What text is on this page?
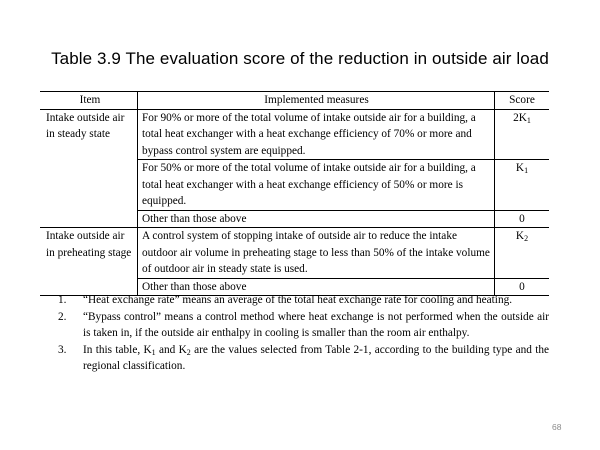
Table 3.9 The evaluation score of the reduction in outside air load
Item	Implemented measures	Score
Intake outside air in steady state	For 90% or more of the total volume of intake outside air for a building, a total heat exchanger with a heat exchange efficiency of 70% or more and bypass control system are equipped.	$2K_1$
	For 50% or more of the total volume of intake outside air for a building, a total heat exchanger with a heat exchange efficiency of 50% or more is equipped.	$K_1$
	Other than those above	0
Intake outside air in preheating stage	A control system of stopping intake of outside air to reduce the intake outdoor air volume in preheating stage to less than 50% of the intake volume of outdoor air in steady state is used.	$K_2$
	Other than those above	0
1. “Heat exchange rate” means an average of the total heat exchange rate for cooling and heating.
2. “Bypass control” means a control method where heat exchange is not performed when the outside air is taken in, if the outside air enthalpy in cooling is smaller than the room air enthalpy.
3. In this table, $K_1$ and $K_2$ are the values selected from Table 2-1, according to the building type and the regional classification.
68
